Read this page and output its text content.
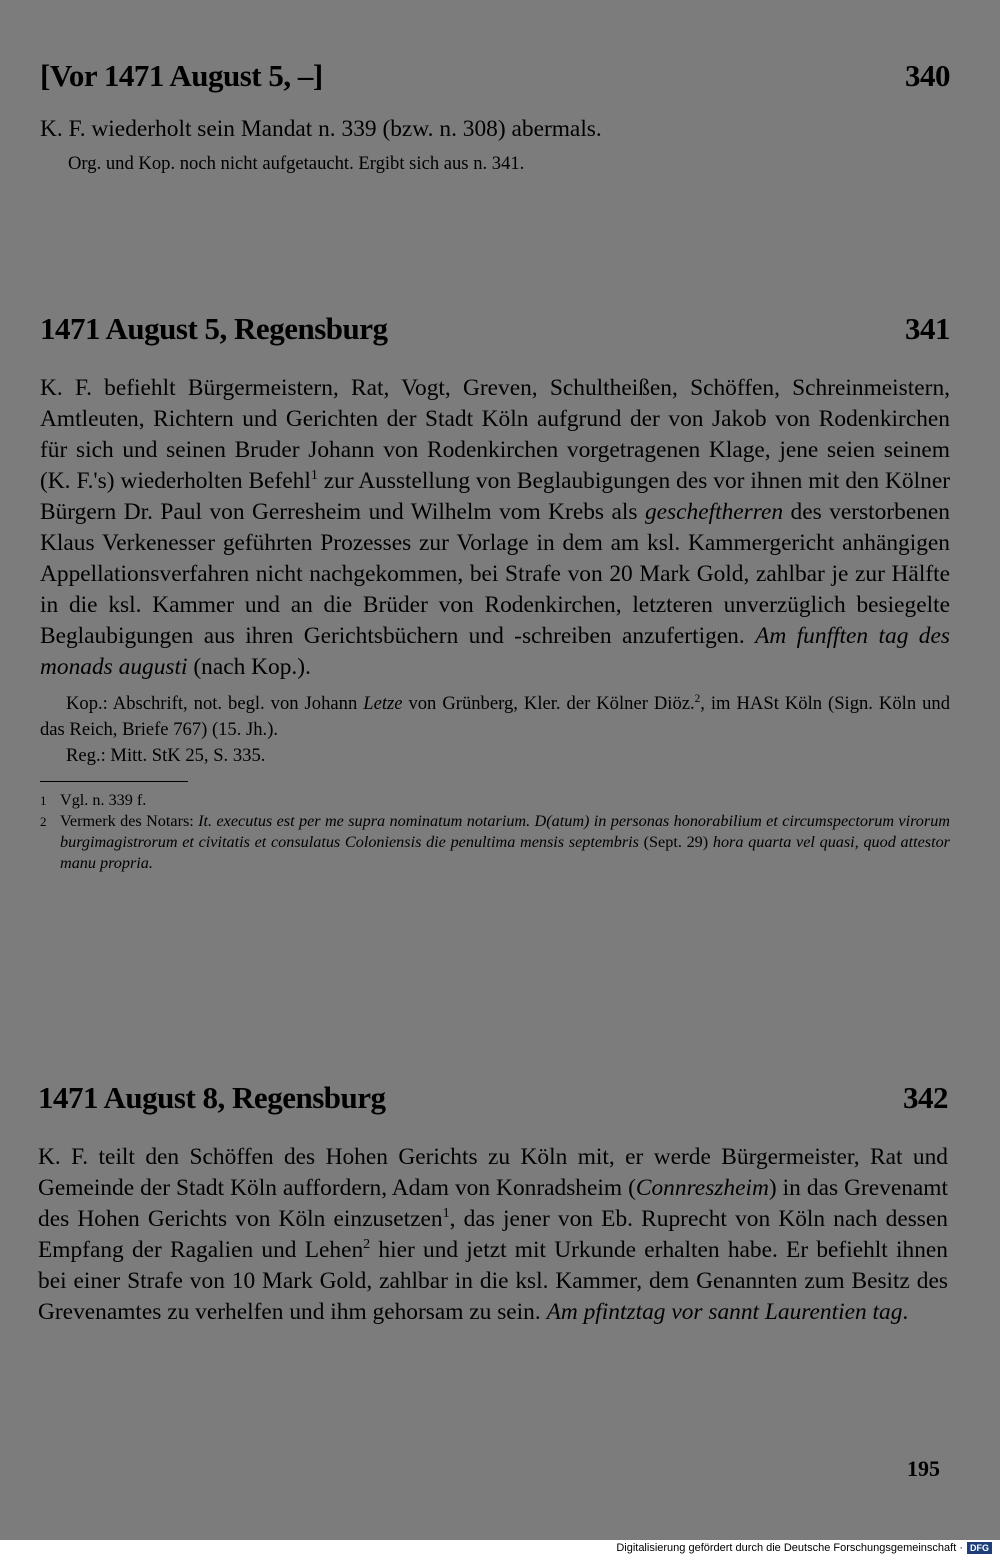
[Vor 1471 August 5, –]	340
K. F. wiederholt sein Mandat n. 339 (bzw. n. 308) abermals.
Org. und Kop. noch nicht aufgetaucht. Ergibt sich aus n. 341.
1471 August 5, Regensburg	341
K. F. befiehlt Bürgermeistern, Rat, Vogt, Greven, Schultheißen, Schöffen, Schreinmeistern, Amtleuten, Richtern und Gerichten der Stadt Köln aufgrund der von Jakob von Rodenkirchen für sich und seinen Bruder Johann von Rodenkirchen vorgetragenen Klage, jene seien seinem (K. F.'s) wiederholten Befehl$^1$ zur Ausstellung von Beglaubigungen des vor ihnen mit den Kölner Bürgern Dr. Paul von Gerresheim und Wilhelm vom Krebs als gescheftherren des verstorbenen Klaus Verkenesser geführten Prozesses zur Vorlage in dem am ksl. Kammergericht anhängigen Appellationsverfahren nicht nachgekommen, bei Strafe von 20 Mark Gold, zahlbar je zur Hälfte in die ksl. Kammer und an die Brüder von Rodenkirchen, letzteren unverzüglich besiegelte Beglaubigungen aus ihren Gerichtsbüchern und -schreiben anzufertigen. Am funfften tag des monads augusti (nach Kop.).
Kop.: Abschrift, not. begl. von Johann Letze von Grünberg, Kler. der Kölner Diöz.$^2$, im HASt Köln (Sign. Köln und das Reich, Briefe 767) (15. Jh.).
Reg.: Mitt. StK 25, S. 335.
1 Vgl. n. 339 f.
2 Vermerk des Notars: It. executus est per me supra nominatum notarium. D(atum) in personas honorabilium et circumspectorum virorum burgimagistrorum et civitatis et consulatus Coloniensis die penultima mensis septembris (Sept. 29) hora quarta vel quasi, quod attestor manu propria.
1471 August 8, Regensburg	342
K. F. teilt den Schöffen des Hohen Gerichts zu Köln mit, er werde Bürgermeister, Rat und Gemeinde der Stadt Köln auffordern, Adam von Konradsheim (Connreszheim) in das Grevenamt des Hohen Gerichts von Köln einzusetzen$^1$, das jener von Eb. Ruprecht von Köln nach dessen Empfang der Ragalien und Lehen$^2$ hier und jetzt mit Urkunde erhalten habe. Er befiehlt ihnen bei einer Strafe von 10 Mark Gold, zahlbar in die ksl. Kammer, dem Genannten zum Besitz des Grevenamtes zu verhelfen und ihm gehorsam zu sein. Am pfintztag vor sannt Laurentien tag.
195
Digitalisierung gefördert durch die Deutsche Forschungsgemeinschaft · DFG
